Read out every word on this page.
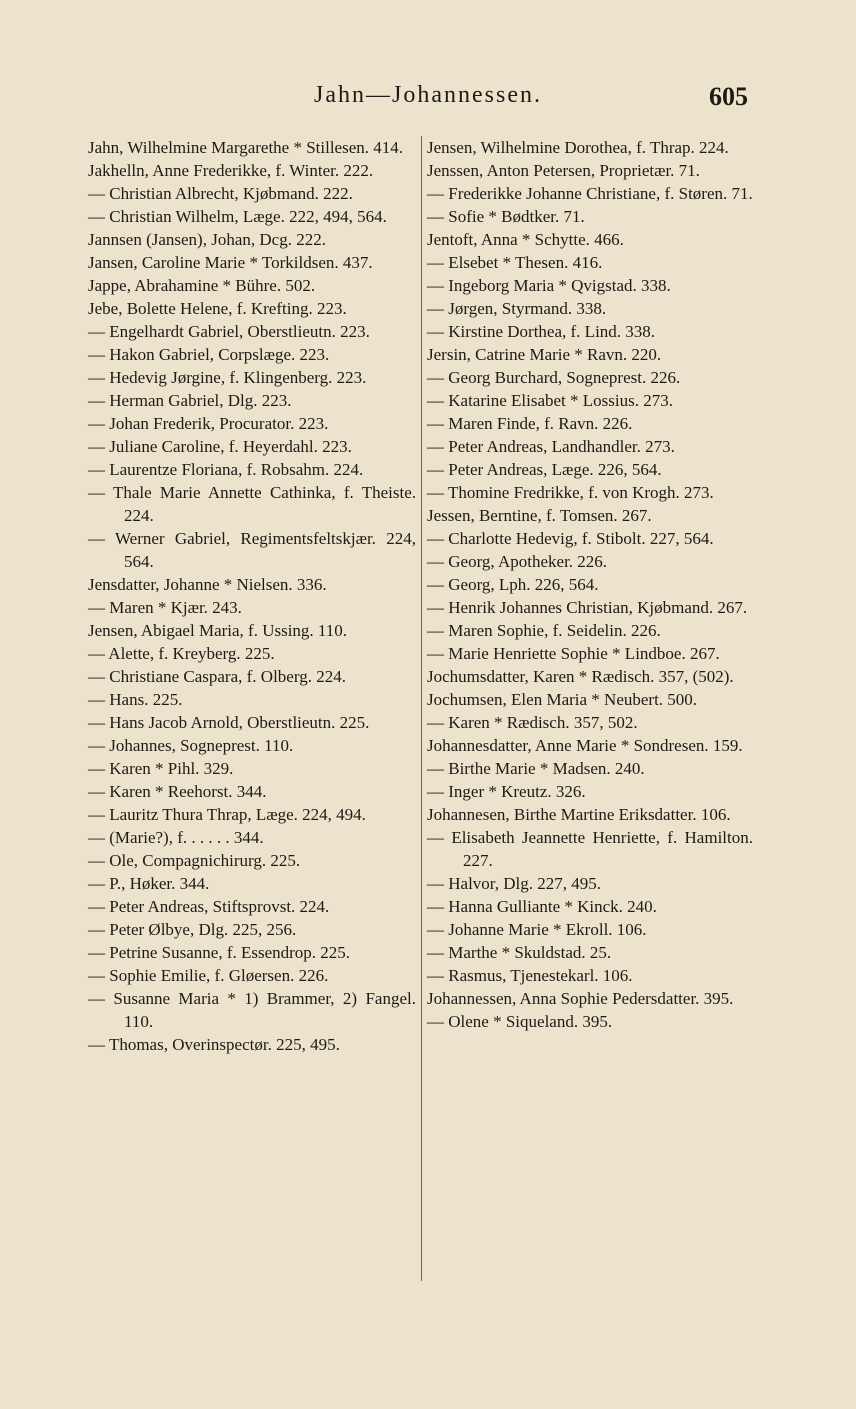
Jahn—Johannessen.	605
Jahn, Wilhelmine Margarethe * Stillesen. 414.
Jakhelln, Anne Frederikke, f. Winter. 222.
— Christian Albrecht, Kjøbmand. 222.
— Christian Wilhelm, Læge. 222, 494, 564.
Jannsen (Jansen), Johan, Dcg. 222.
Jansen, Caroline Marie * Torkildsen. 437.
Jappe, Abrahamine * Bühre. 502.
Jebe, Bolette Helene, f. Krefting. 223.
— Engelhardt Gabriel, Oberstlieutn. 223.
— Hakon Gabriel, Corpslæge. 223.
— Hedevig Jørgine, f. Klingenberg. 223.
— Herman Gabriel, Dlg. 223.
— Johan Frederik, Procurator. 223.
— Juliane Caroline, f. Heyerdahl. 223.
— Laurentze Floriana, f. Robsahm. 224.
— Thale Marie Annette Cathinka, f. Theiste. 224.
— Werner Gabriel, Regimentsfeltskjær. 224, 564.
Jensdatter, Johanne * Nielsen. 336.
— Maren * Kjær. 243.
Jensen, Abigael Maria, f. Ussing. 110.
— Alette, f. Kreyberg. 225.
— Christiane Caspara, f. Olberg. 224.
— Hans. 225.
— Hans Jacob Arnold, Oberstlieutn. 225.
— Johannes, Sogneprest. 110.
— Karen * Pihl. 329.
— Karen * Reehorst. 344.
— Lauritz Thura Thrap, Læge. 224, 494.
— (Marie?), f. . . . . . 344.
— Ole, Compagnichirurg. 225.
— P., Høker. 344.
— Peter Andreas, Stiftsprovst. 224.
— Peter Ølbye, Dlg. 225, 256.
— Petrine Susanne, f. Essendrop. 225.
— Sophie Emilie, f. Gløersen. 226.
— Susanne Maria * 1) Brammer, 2) Fangel. 110.
— Thomas, Overinspectør. 225, 495.
Jensen, Wilhelmine Dorothea, f. Thrap. 224.
Jenssen, Anton Petersen, Proprietær. 71.
— Frederikke Johanne Christiane, f. Støren. 71.
— Sofie * Bødtker. 71.
Jentoft, Anna * Schytte. 466.
— Elsebet * Thesen. 416.
— Ingeborg Maria * Qvigstad. 338.
— Jørgen, Styrmand. 338.
— Kirstine Dorthea, f. Lind. 338.
Jersin, Catrine Marie * Ravn. 220.
— Georg Burchard, Sogneprest. 226.
— Katarine Elisabet * Lossius. 273.
— Maren Finde, f. Ravn. 226.
— Peter Andreas, Landhandler. 273.
— Peter Andreas, Læge. 226, 564.
— Thomine Fredrikke, f. von Krogh. 273.
Jessen, Berntine, f. Tomsen. 267.
— Charlotte Hedevig, f. Stibolt. 227, 564.
— Georg, Apotheker. 226.
— Georg, Lph. 226, 564.
— Henrik Johannes Christian, Kjøbmand. 267.
— Maren Sophie, f. Seidelin. 226.
— Marie Henriette Sophie * Lindboe. 267.
Jochumsdatter, Karen * Rædisch. 357, (502).
Jochumsen, Elen Maria * Neubert. 500.
— Karen * Rædisch. 357, 502.
Johannesdatter, Anne Marie * Sondresen. 159.
— Birthe Marie * Madsen. 240.
— Inger * Kreutz. 326.
Johannesen, Birthe Martine Eriksdatter. 106.
— Elisabeth Jeannette Henriette, f. Hamilton. 227.
— Halvor, Dlg. 227, 495.
— Hanna Gulliante * Kinck. 240.
— Johanne Marie * Ekroll. 106.
— Marthe * Skuldstad. 25.
— Rasmus, Tjenestekarl. 106.
Johannessen, Anna Sophie Pedersdatter. 395.
— Olene * Siqueland. 395.
